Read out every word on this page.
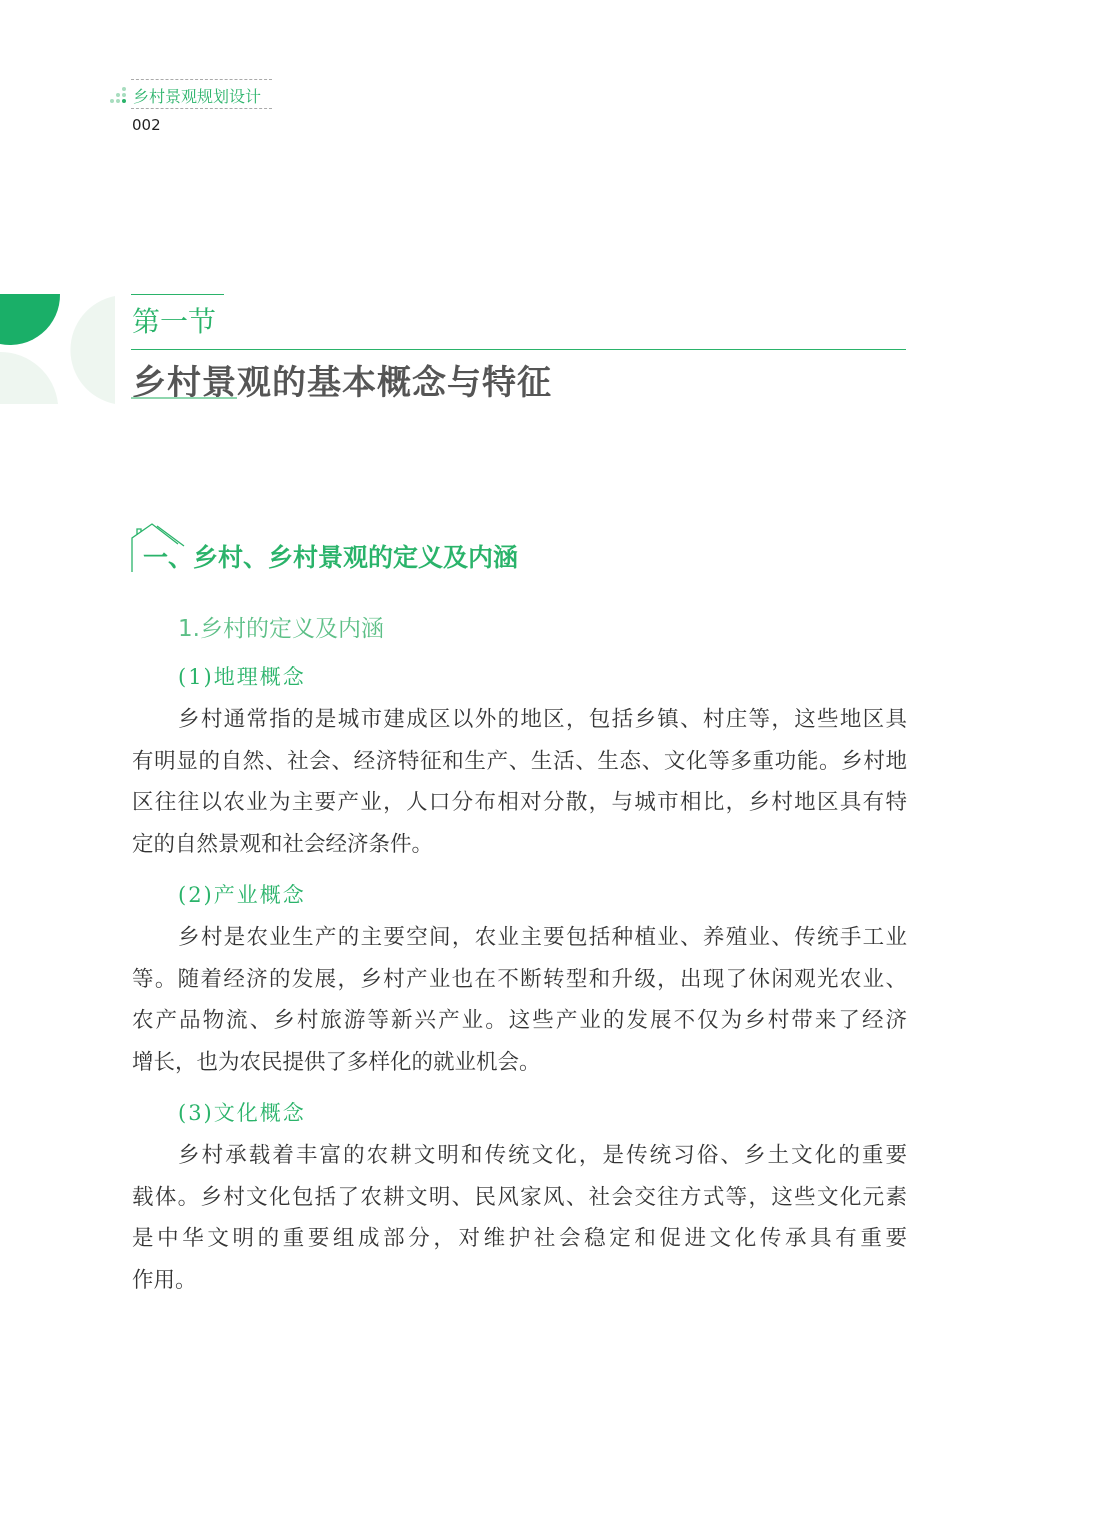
乡村景观规划设计
002
第一节
乡村景观的基本概念与特征
一、乡村、乡村景观的定义及内涵
1.乡村的定义及内涵
(1)地理概念
乡村通常指的是城市建成区以外的地区，包括乡镇、村庄等，这些地区具
有明显的自然、社会、经济特征和生产、生活、生态、文化等多重功能。乡村地
区往往以农业为主要产业，人口分布相对分散，与城市相比，乡村地区具有特
定的自然景观和社会经济条件。
(2)产业概念
乡村是农业生产的主要空间，农业主要包括种植业、养殖业、传统手工业
等。随着经济的发展，乡村产业也在不断转型和升级，出现了休闲观光农业、
农产品物流、乡村旅游等新兴产业。这些产业的发展不仅为乡村带来了经济
增长，也为农民提供了多样化的就业机会。
(3)文化概念
乡村承载着丰富的农耕文明和传统文化，是传统习俗、乡土文化的重要
载体。乡村文化包括了农耕文明、民风家风、社会交往方式等，这些文化元素
是中华文明的重要组成部分，对维护社会稳定和促进文化传承具有重要
作用。
